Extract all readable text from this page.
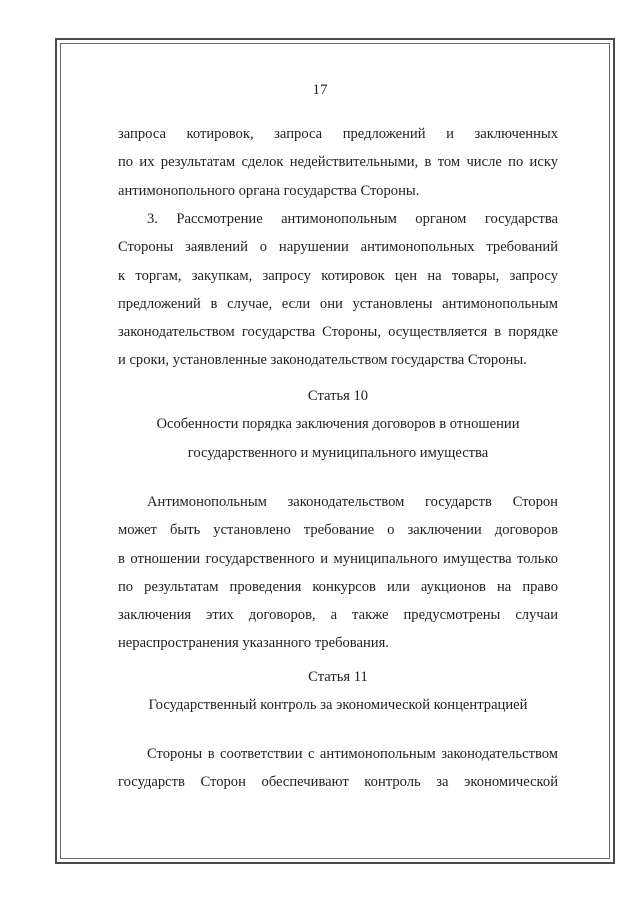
17
запроса котировок, запроса предложений и заключенных
по их результатам сделок недействительными, в том числе по иску
антимонопольного органа государства Стороны.
3. Рассмотрение антимонопольным органом государства
Стороны заявлений о нарушении антимонопольных требований
к торгам, закупкам, запросу котировок цен на товары, запросу
предложений в случае, если они установлены антимонопольным
законодательством государства Стороны, осуществляется в порядке
и сроки, установленные законодательством государства Стороны.

Статья 10

Особенности порядка заключения договоров в отношении

государственного и муниципального имущества

Антимонопольным законодательством государств Сторон
может быть установлено требование о заключении договоров
в отношении государственного и муниципального имущества только
по результатам проведения конкурсов или аукционов на право
заключения этих договоров, а также предусмотрены случаи
нераспространения указанного требования.

Статья 11

Государственный контроль за экономической концентрацией

Стороны в соответствии с антимонопольным законодательством
государств Сторон обеспечивают контроль за экономической
